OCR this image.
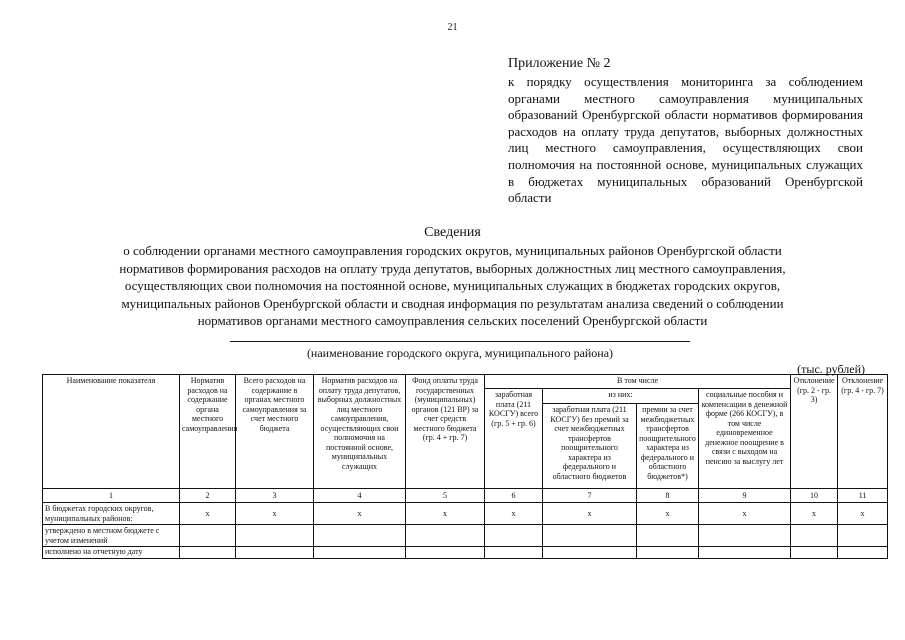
21
Приложение № 2
к порядку осуществления мониторинга за соблюдением органами местного самоуправления муниципальных образований Оренбургской области нормативов формирования расходов на оплату труда депутатов, выборных должностных лиц местного самоуправления, осуществляющих свои полномочия на постоянной основе, муниципальных служащих в бюджетах муниципальных образований Оренбургской области
Сведения
о соблюдении органами местного самоуправления городских округов, муниципальных районов Оренбургской области
нормативов формирования расходов на оплату труда депутатов, выборных должностных лиц местного самоуправления,
осуществляющих свои полномочия на постоянной основе, муниципальных служащих в бюджетах городских округов,
муниципальных районов Оренбургской области и сводная информация по результатам анализа сведений о соблюдении
нормативов органами местного самоуправления сельских поселений Оренбургской области
(наименование городского округа, муниципального района)
(тыс. рублей)
Наименование показателя	Норматив расходов на содержание органа местного самоуправления	Всего расходов на содержание в органах местного самоуправления за счет местного бюджета	Норматив расходов на оплату труда депутатов, выборных должностных лиц местного самоуправления, осуществляющих свои полномочия на постоянной основе, муниципальных служащих	Фонд оплаты труда государственных (муниципальных) органов (121 ВР) за счет средств местного бюджета (гр. 4 + гр. 7)	В том числе				Отклонение (гр. 2 - гр. 3)	Отклонение (гр. 4 - гр. 7)
					заработная плата (211 КОСГУ) всего (гр. 5 + гр. 6)	из них:		социальные пособия и компенсации в денежной форме (266 КОСГУ), в том числе единовременное денежное поощрение в связи с выходом на пенсию за выслугу лет		
						заработная плата (211 КОСГУ) без премий за счет межбюджетных трансфертов поощрительного характера из федерального и областного бюджетов	премии за счет межбюджетных трансфертов поощрительного характера из федерального и областного бюджетов*)			
1	2	3	4	5	6	7	8	9	10	11
В бюджетах городских округов, муниципальных районов:	x	x	x	x	x	x	x	x	x	x
утверждено в местном бюджете с учетом изменений										
исполнено на отчетную дату										
